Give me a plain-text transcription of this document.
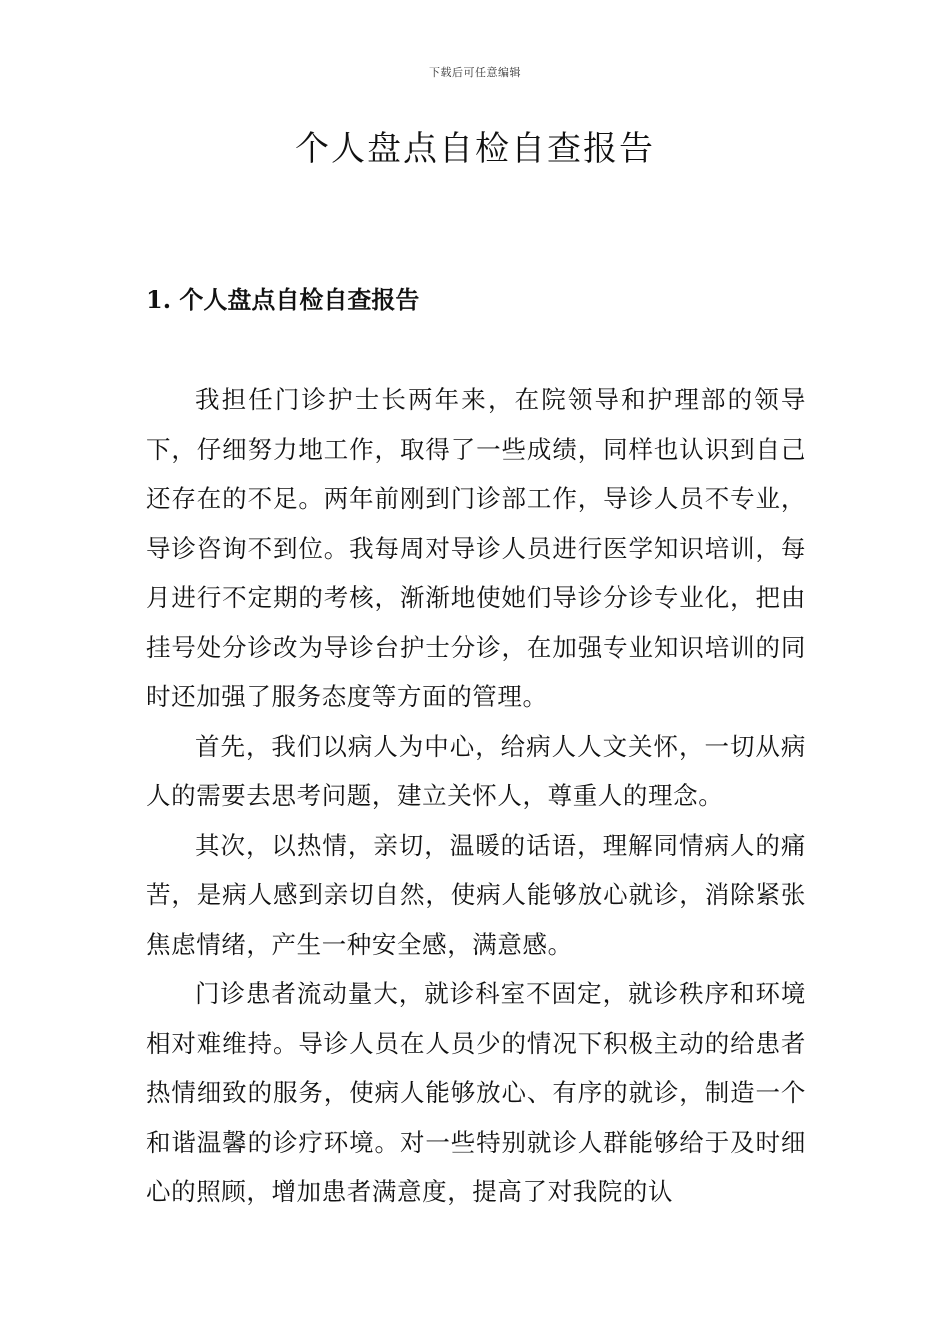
下载后可任意编辑
个人盘点自检自查报告
1. 个人盘点自检自查报告

我担任门诊护士长两年来，在院领导和护理部的领导下，仔细努力地工作，取得了一些成绩，同样也认识到自己还存在的不足。两年前刚到门诊部工作，导诊人员不专业，导诊咨询不到位。我每周对导诊人员进行医学知识培训，每月进行不定期的考核，渐渐地使她们导诊分诊专业化，把由挂号处分诊改为导诊台护士分诊，在加强专业知识培训的同时还加强了服务态度等方面的管理。

首先，我们以病人为中心，给病人人文关怀，一切从病人的需要去思考问题，建立关怀人，尊重人的理念。

其次，以热情，亲切，温暖的话语，理解同情病人的痛苦，是病人感到亲切自然，使病人能够放心就诊，消除紧张焦虑情绪，产生一种安全感，满意感。

门诊患者流动量大，就诊科室不固定，就诊秩序和环境相对难维持。导诊人员在人员少的情况下积极主动的给患者热情细致的服务，使病人能够放心、有序的就诊，制造一个和谐温馨的诊疗环境。对一些特别就诊人群能够给于及时细心的照顾，增加患者满意度，提高了对我院的认
